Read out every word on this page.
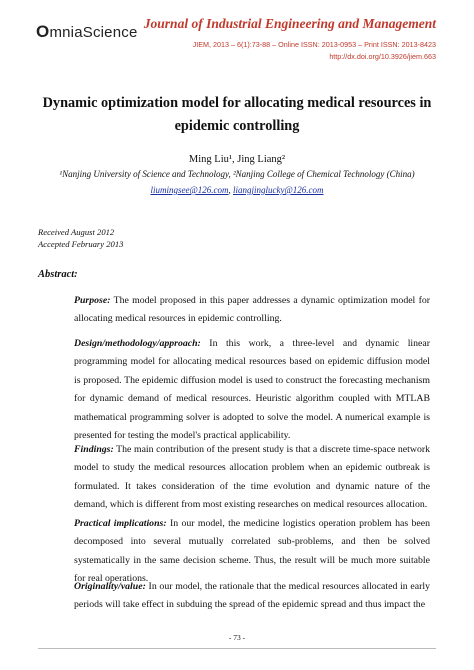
OmniaScience
Journal of Industrial Engineering and Management
JIEM, 2013 – 6(1):73-88 – Online ISSN: 2013-0953 – Print ISSN: 2013-8423
http://dx.doi.org/10.3926/jiem.663
Dynamic optimization model for allocating medical resources in epidemic controlling
Ming Liu¹, Jing Liang²
¹Nanjing University of Science and Technology, ²Nanjing College of Chemical Technology (China)
liumingsee@126.com, liangjinglucky@126.com
Received August 2012
Accepted February 2013
Abstract:
Purpose: The model proposed in this paper addresses a dynamic optimization model for allocating medical resources in epidemic controlling.
Design/methodology/approach: In this work, a three-level and dynamic linear programming model for allocating medical resources based on epidemic diffusion model is proposed. The epidemic diffusion model is used to construct the forecasting mechanism for dynamic demand of medical resources. Heuristic algorithm coupled with MTLAB mathematical programming solver is adopted to solve the model. A numerical example is presented for testing the model's practical applicability.
Findings: The main contribution of the present study is that a discrete time-space network model to study the medical resources allocation problem when an epidemic outbreak is formulated. It takes consideration of the time evolution and dynamic nature of the demand, which is different from most existing researches on medical resources allocation.
Practical implications: In our model, the medicine logistics operation problem has been decomposed into several mutually correlated sub-problems, and then be solved systematically in the same decision scheme. Thus, the result will be much more suitable for real operations.
Originality/value: In our model, the rationale that the medical resources allocated in early periods will take effect in subduing the spread of the epidemic spread and thus impact the
- 73 -
